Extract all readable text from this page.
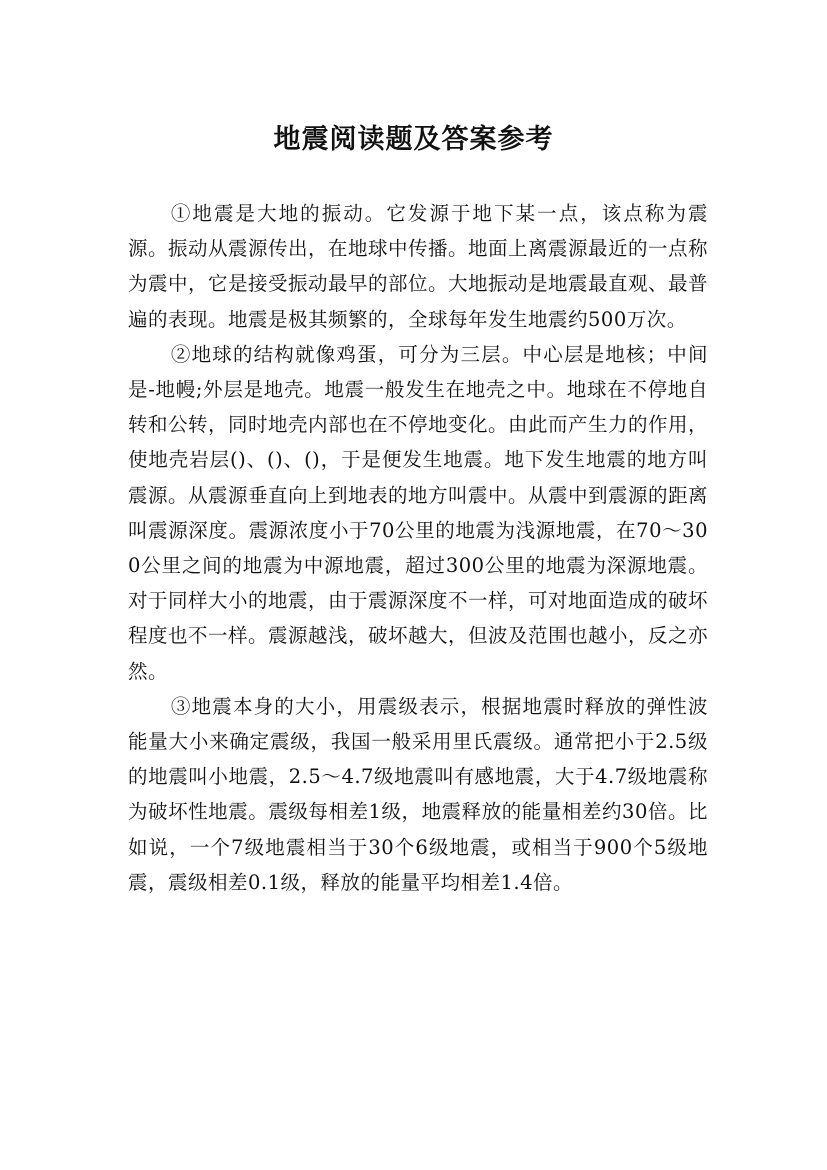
地震阅读题及答案参考

①地震是大地的振动。它发源于地下某一点，该点称为震源。振动从震源传出，在地球中传播。地面上离震源最近的一点称为震中，它是接受振动最早的部位。大地振动是地震最直观、最普遍的表现。地震是极其频繁的，全球每年发生地震约500万次。

②地球的结构就像鸡蛋，可分为三层。中心层是地核；中间是-地幔;外层是地壳。地震一般发生在地壳之中。地球在不停地自转和公转，同时地壳内部也在不停地变化。由此而产生力的作用，使地壳岩层()、()、()，于是便发生地震。地下发生地震的地方叫震源。从震源垂直向上到地表的地方叫震中。从震中到震源的距离叫震源深度。震源浓度小于70公里的地震为浅源地震，在70～300公里之间的地震为中源地震，超过300公里的地震为深源地震。对于同样大小的地震，由于震源深度不一样，可对地面造成的破坏程度也不一样。震源越浅，破坏越大，但波及范围也越小，反之亦然。

③地震本身的大小，用震级表示，根据地震时释放的弹性波能量大小来确定震级，我国一般采用里氏震级。通常把小于2.5级的地震叫小地震，2.5～4.7级地震叫有感地震，大于4.7级地震称为破坏性地震。震级每相差1级，地震释放的能量相差约30倍。比如说，一个7级地震相当于30个6级地震，或相当于900个5级地震，震级相差0.1级，释放的能量平均相差1.4倍。
